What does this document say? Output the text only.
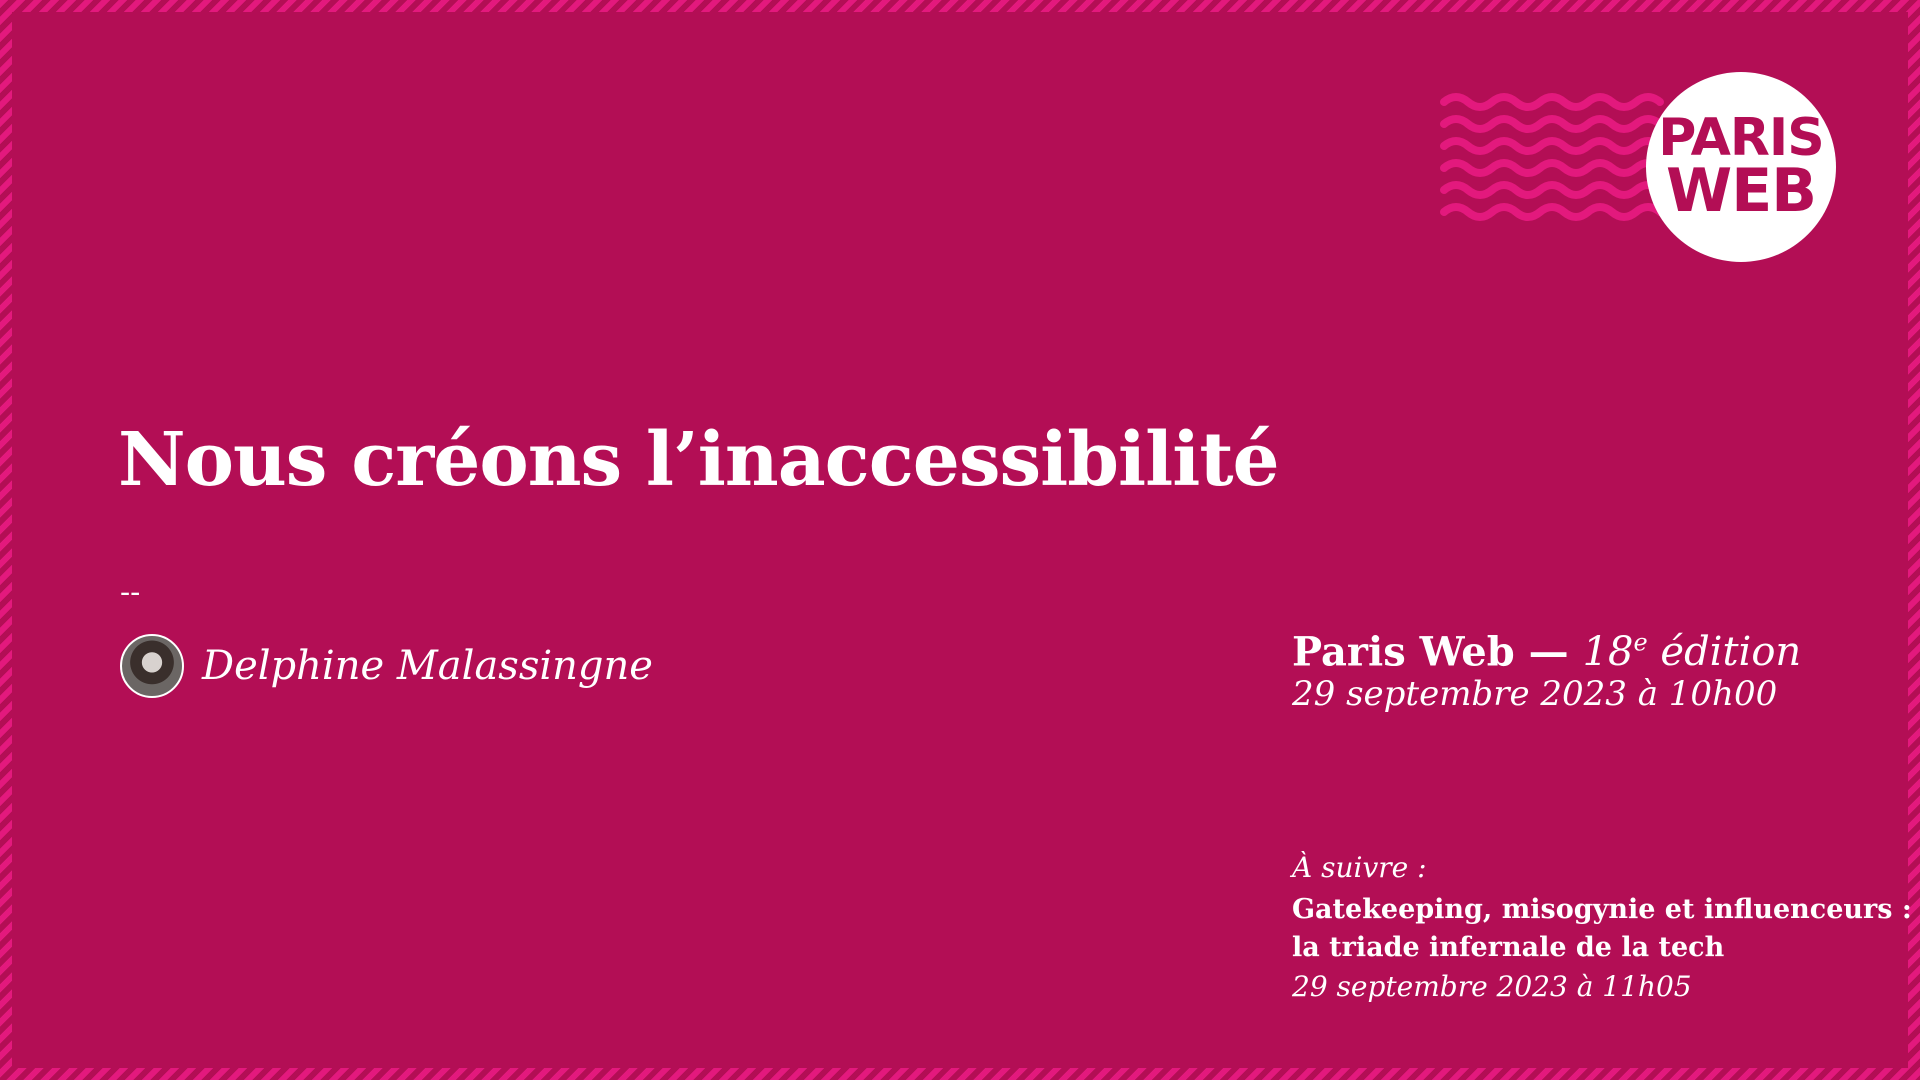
PARIS
WEB
Nous créons l’inaccessibilité
--
Delphine Malassingne	Paris Web — 18e édition
29 septembre 2023 à 10h00
À suivre :
Gatekeeping, misogynie et influenceurs :
la triade infernale de la tech
29 septembre 2023 à 11h05
